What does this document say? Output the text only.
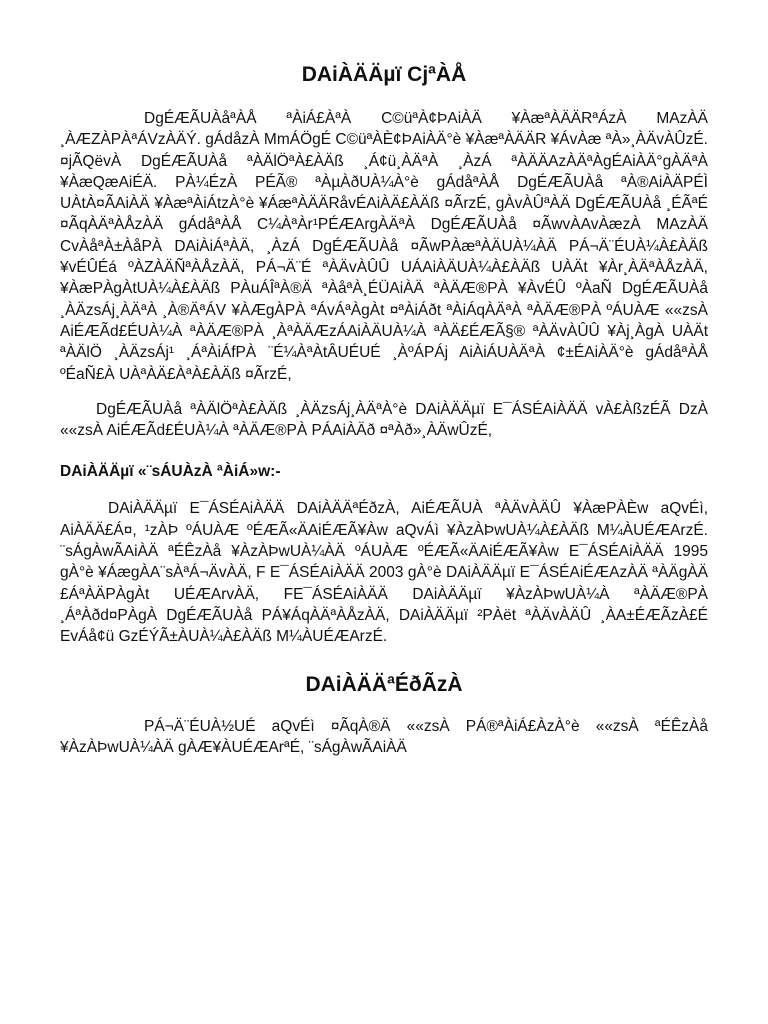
DAiÀÄÄµï CjªÀÅ

DgÉÆÃUÀåªÀÅ ªÀiÁ£ÀªÀ C©üªÀ¢ÞAiÀÄ ¥ÀæªÀÄÄRªÁzÀ MAzÀÄ ¸ÀÆZÀPÀªÁVzÀÄÝ. gÁdåzÀ MmÁÖgÉ C©üªÀÈ¢ÞAiÀÄ°è ¥ÀæªÀÄÄR ¥ÁvÀæ ªÀ»¸ÀÄvÀÛzÉ. ¤jÃQëvÀ DgÉÆÃUÀå ªÀÄlÖªÀ£ÀÄß ¸Á¢ü¸ÀÄªÀ ¸ÀzÁ ªÀÄÄAzÀÄªÀgÉAiÀÄ°gÀÄªÀ ¥ÀæQæAiÉÄ. PÀ¼ÉzÀ PÉÃ® ªÀµÀðUÀ¼À°è gÁdåªÀÅ DgÉÆÃUÀå ªÀ®AiÀÄPÉÌ UÀtÀ¤ÃAiÀÄ ¥ÀæªÀiÁtzÀ°è ¥ÁæªÀÄÄRåvÉAiÀÄ£ÀÄß ¤ÃrzÉ, gÀvÀÛªÀÄ DgÉÆÃUÀå ¸ÉÃªÉ ¤ÃqÀÄªÀÅzÀÄ gÁdåªÀÅ C¼ÀªÀr¹PÉÆArgÀÄªÀ DgÉÆÃUÀå ¤ÃwvÀAvÀæzÀ MAzÀÄ CvÀåªÀ±ÀåPÀ DAiÀiÁªÀÄ, ¸ÀzÁ DgÉÆÃUÀå ¤ÃwPÀæªÀÄUÀ¼ÀÄ PÁ¬Ä¨ÉUÀ¼À£ÀÄß ¥vÉÛÉá ºÀZÀÄÑªÀÅzÀÄ, PÁ¬Ä¨É ªÀÄvÀÛÛ UÁAiÀÄUÀ¼À£ÀÄß UÀÄt ¥Àr¸ÀÄªÀÅzÀÄ, ¥ÀæPÀgÀtUÀ¼À£ÀÄß PÀuÁÎªÀ®Ä ªÀåªÀ¸ÉÜAiÀÄ ªÀÄÆ®PÀ ¥ÀvÉÛ ºÀaÑ DgÉÆÃUÀå ¸ÀÄzsÁj¸ÀÄªÀ ¸À®ÄªÁV ¥ÀÆgÀPÀ ªÁvÁªÀgÀt ¤ªÀiÁðt ªÀiÁqÀÄªÀ ªÀÄÆ®PÀ ºÁUÀÆ ««zsÀ AiÉÆÃd£ÉUÀ¼À ªÀÄÆ®PÀ ¸ÀªÀÄÆzÁAiÀÄUÀ¼À ªÀÄ£ÉÆÃ§® ªÀÄvÀÛÛ ¥Àj¸ÀgÀ UÀÄt ªÀÄlÖ ¸ÀÄzsÁj¹ ¸ÁªÀiÁfPÀ ¨É¼ÀªÀtÂUÉUÉ ¸ÀºÁPÁj AiÀiÁUÀÄªÀ ¢±ÉAiÀÄ°è gÁdåªÀÅ ºÉaÑ£À UÀªÀÄ£ÀªÀ£ÀÄß ¤ÃrzÉ,

DgÉÆÃUÀå ªÀÄlÖªÀ£ÀÄß ¸ÀÄzsÁj¸ÀÄªÀ°è DAiÀÄÄµï E¯ÁSÉAiÀÄÄ vÀ£ÀßzÉÃ DzÀ ««zsÀ AiÉÆÃd£ÉUÀ¼À ªÀÄÆ®PÀ PÁAiÀÄð ¤ªÀð»¸ÀÄwÛzÉ,

DAiÀÄÄµï «¨sÁUÀzÀ ªÀiÁ»w:-

DAiÀÄÄµï E¯ÁSÉAiÀÄÄ DAiÀÄÄªÉðzÀ, AiÉÆÃUÀ ªÀÄvÀÄÛ ¥ÀæPÀÈw aQvÉì, AiÀÄÄ£Á¤, ¹zÀÞ ºÁUÀÆ ºÉÆÃ«ÄAiÉÆÃ¥Àw aQvÁì ¥ÀzÀÞwUÀ¼À£ÀÄß M¼ÀUÉÆArzÉ. ¨sÁgÀwÃAiÀÄ ªÉÊzÀå ¥ÀzÀÞwUÀ¼ÀÄ ºÁUÀÆ ºÉÆÃ«ÄAiÉÆÃ¥Àw E¯ÁSÉAiÀÄÄ 1995 gÀ°è ¥ÁægÀA¨sÀªÁ¬ÄvÀÄ, F E¯ÁSÉAiÀÄÄ 2003 gÀ°è DAiÀÄÄµï E¯ÁSÉAiÉÆAzÀÄ ªÀÄgÀÄ £ÁªÀÄPÀgÀt UÉÆArvÀÄ, FE¯ÁSÉAiÀÄÄ DAiÀÄÄµï ¥ÀzÀÞwUÀ¼À ªÀÄÆ®PÀ ¸ÁªÀðd¤PÀgÀ DgÉÆÃUÀå PÁ¥ÁqÀÄªÀÅzÀÄ, DAiÀÄÄµï ²PÀët ªÀÄvÀÄÛ ¸ÀA±ÉÆÃzÀ£É EvÁå¢ü GzÉÝÃ±ÀUÀ¼À£ÀÄß M¼ÀUÉÆArzÉ.

DAiÀÄÄªÉðÃzÀ

PÁ¬Ä¨ÉUÀ½UÉ aQvÉì ¤ÃqÀ®Ä ««zsÀ PÁ®ªÀiÁ£ÀzÀ°è ««zsÀ ªÉÊzÀå ¥ÀzÀÞwUÀ¼ÀÄ gÀÆ¥ÀUÉÆArªÉ, ¨sÁgÀwÃAiÀÄ
